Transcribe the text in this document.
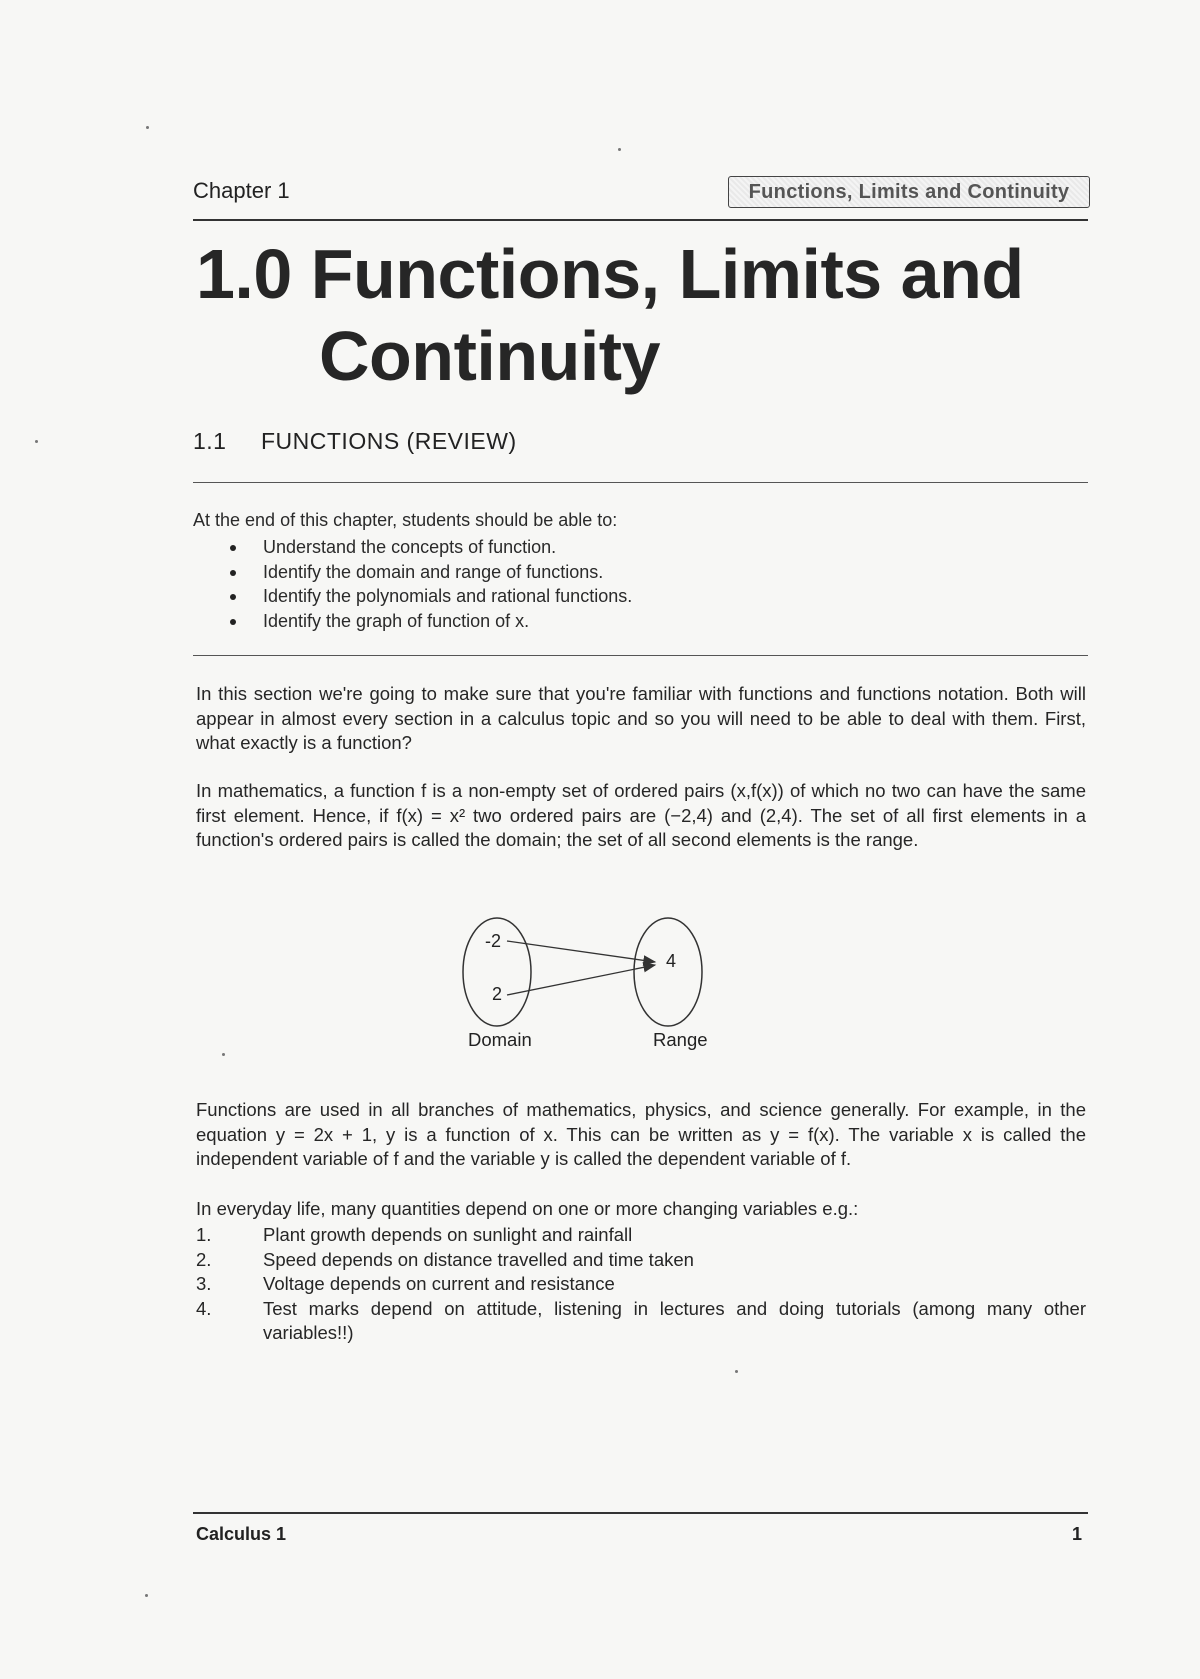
Chapter 1	Functions, Limits and Continuity
1.0 Functions, Limits and
Continuity
1.1 FUNCTIONS (REVIEW)
At the end of this chapter, students should be able to:
Understand the concepts of function.
Identify the domain and range of functions.
Identify the polynomials and rational functions.
Identify the graph of function of x.
In this section we're going to make sure that you're familiar with functions and functions notation. Both will appear in almost every section in a calculus topic and so you will need to be able to deal with them. First, what exactly is a function?
In mathematics, a function f is a non-empty set of ordered pairs (x,f(x)) of which no two can have the same first element. Hence, if f(x) = x² two ordered pairs are (−2,4) and (2,4). The set of all first elements in a function's ordered pairs is called the domain; the set of all second elements is the range.
-2
2
4
Domain	Range
Functions are used in all branches of mathematics, physics, and science generally. For example, in the equation y = 2x + 1, y is a function of x. This can be written as y = f(x). The variable x is called the independent variable of f and the variable y is called the dependent variable of f.
In everyday life, many quantities depend on one or more changing variables e.g.:
1.	Plant growth depends on sunlight and rainfall
2.	Speed depends on distance travelled and time taken
3.	Voltage depends on current and resistance
4.	Test marks depend on attitude, listening in lectures and doing tutorials (among many other variables!!)
Calculus 1	1
